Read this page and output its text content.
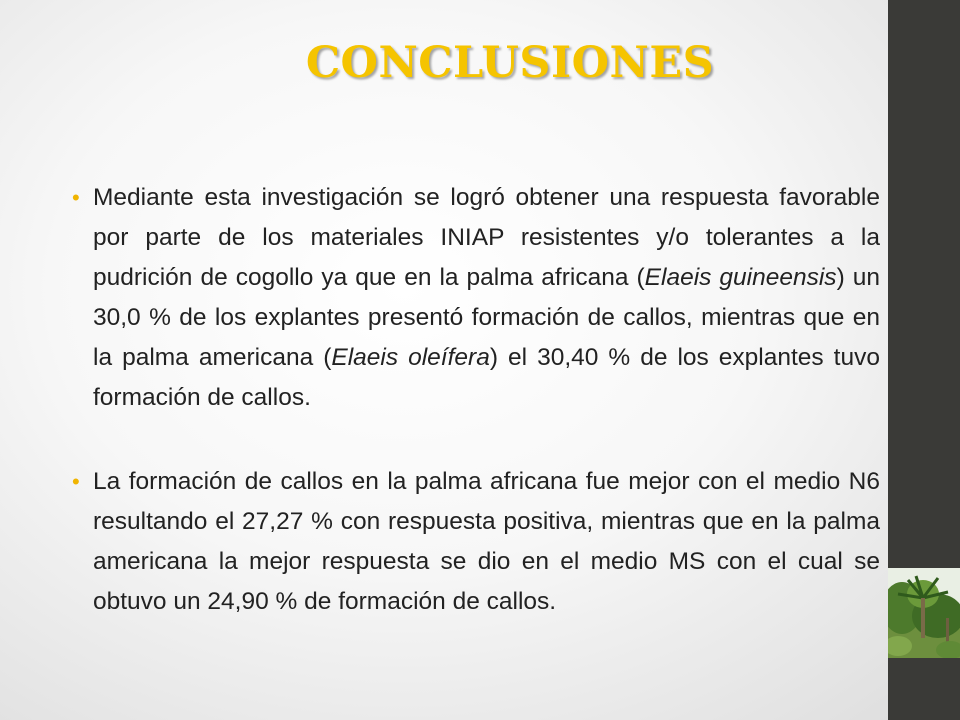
CONCLUSIONES
• Mediante esta investigación se logró obtener una respuesta favorable por parte de los materiales INIAP resistentes y/o tolerantes a la pudrición de cogollo ya que en la palma africana (Elaeis guineensis) un 30,0 % de los explantes presentó formación de callos, mientras que en la palma americana (Elaeis oleífera) el 30,40 % de los explantes tuvo formación de callos.
• La formación de callos en la palma africana fue mejor con el medio N6 resultando el 27,27 % con respuesta positiva, mientras que en la palma americana la mejor respuesta se dio en el medio MS con el cual se obtuvo un 24,90 % de formación de callos.
